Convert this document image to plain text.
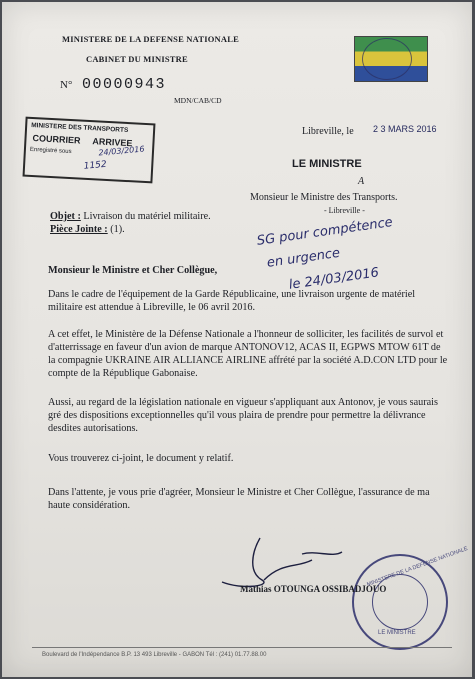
MINISTERE DE LA DEFENSE NATIONALE
CABINET DU MINISTRE
N° 00000943
MDN/CAB/CD
MINISTERE DES TRANSPORTS
COURRIER ARRIVEE
Enregistré sous	24/03/2016
1152
Libreville, le 2 3 MARS 2016
LE MINISTRE
A
Monsieur le Ministre des Transports.
- Libreville -
SG pour compétence
en urgence
le 24/03/2016
Objet : Livraison du matériel militaire.
Pièce Jointe : (1).
Monsieur le Ministre et Cher Collègue,
Dans le cadre de l'équipement de la Garde Républicaine, une livraison urgente de matériel militaire est attendue à Libreville, le 06 avril 2016.
A cet effet, le Ministère de la Défense Nationale a l'honneur de solliciter, les facilités de survol et d'atterrissage en faveur d'un avion de marque ANTONOV12, ACAS II, EGPWS MTOW 61T de la compagnie UKRAINE AIR ALLIANCE AIRLINE affrété par la société A.D.CON LTD pour le compte de la République Gabonaise.
Aussi, au regard de la législation nationale en vigueur s'appliquant aux Antonov, je vous saurais gré des dispositions exceptionnelles qu'il vous plaira de prendre pour permettre la délivrance desdites autorisations.
Vous trouverez ci-joint, le document y relatif.
Dans l'attente, je vous prie d'agréer, Monsieur le Ministre et Cher Collègue, l'assurance de ma haute considération.
MINISTERE DE LA DEFENSE NATIONALE
LE MINISTRE
Mathias OTOUNGA OSSIBADJOUO
Boulevard de l'Indépendance B.P. 13 493 Libreville - GABON Tél : (241) 01.77.88.00
